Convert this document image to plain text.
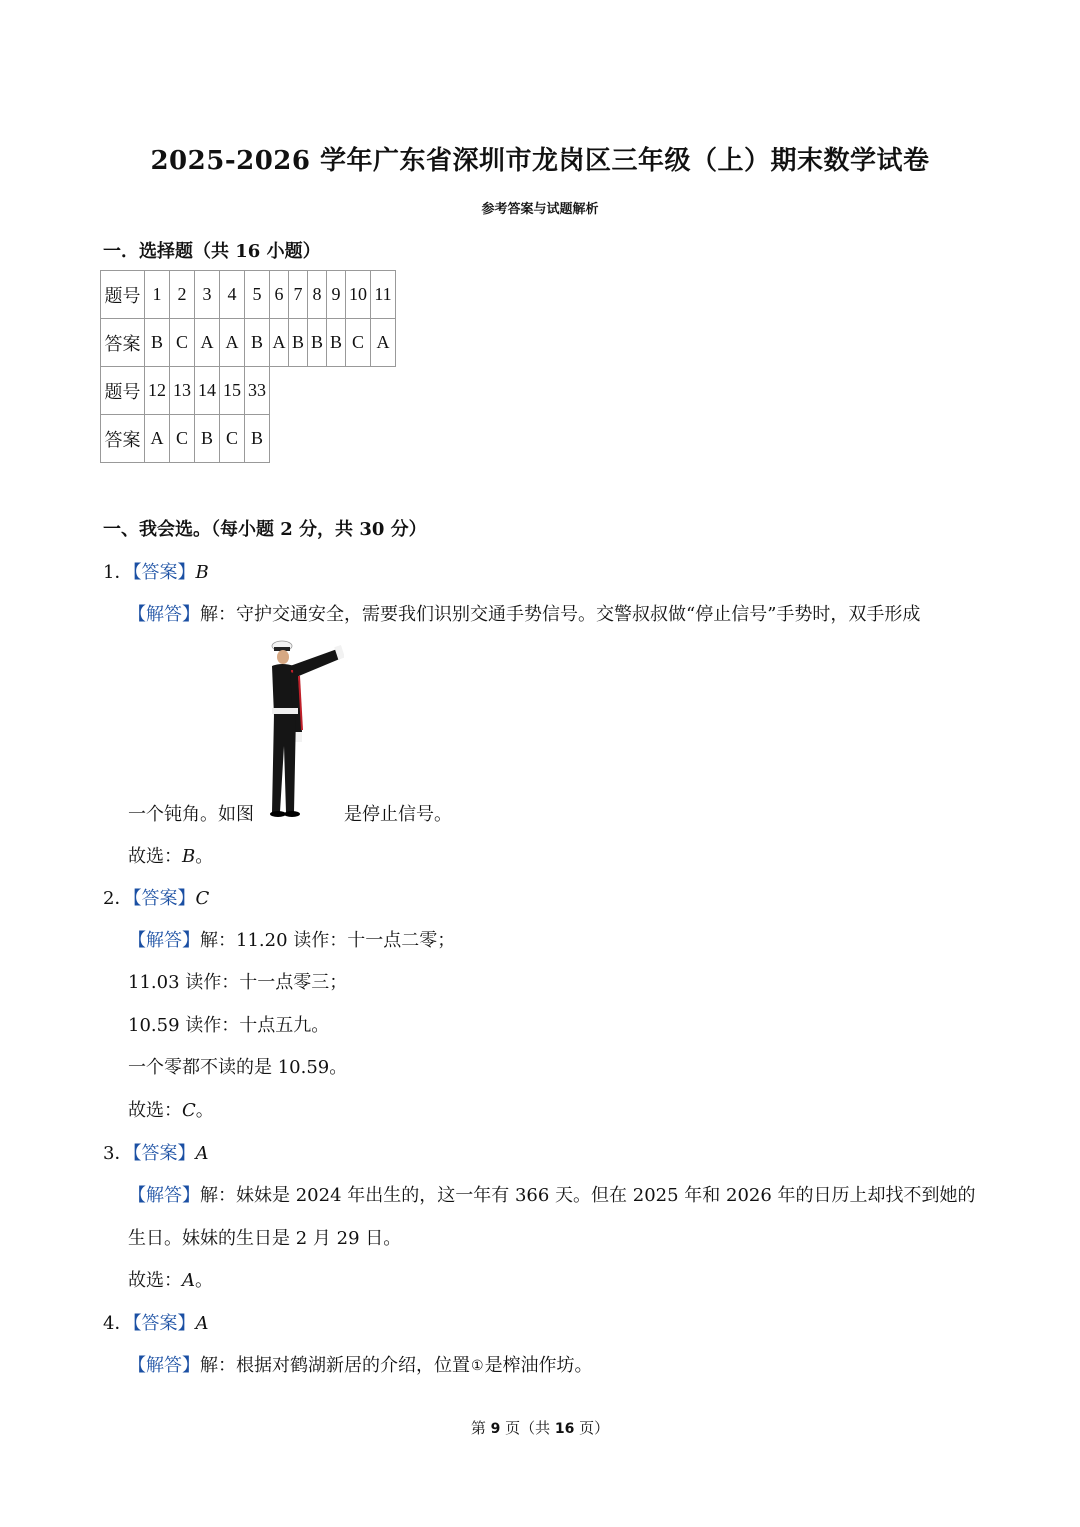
2025-2026 学年广东省深圳市龙岗区三年级（上）期末数学试卷
参考答案与试题解析
一．选择题（共 16 小题）
题号	1	2	3	4	5	6	7	8	9	10	11
答案	B	C	A	A	B	A	B	B	B	C	A
题号	12	13	14	15	33
答案	A	C	B	C	B
一、我会选。（每小题 2 分，共 30 分）
1．【答案】B
【解答】解：守护交通安全，需要我们识别交通手势信号。交警叔叔做“停止信号”手势时，双手形成
一个钝角。如图	是停止信号。
故选：B。
2．【答案】C
【解答】解：11.20 读作：十一点二零；
11.03 读作：十一点零三；
10.59 读作：十点五九。
一个零都不读的是 10.59。
故选：C。
3．【答案】A
【解答】解：妹妹是 2024 年出生的，这一年有 366 天。但在 2025 年和 2026 年的日历上却找不到她的
生日。妹妹的生日是 2 月 29 日。
故选：A。
4．【答案】A
【解答】解：根据对鹤湖新居的介绍，位置①是榨油作坊。
第 9 页（共 16 页）
